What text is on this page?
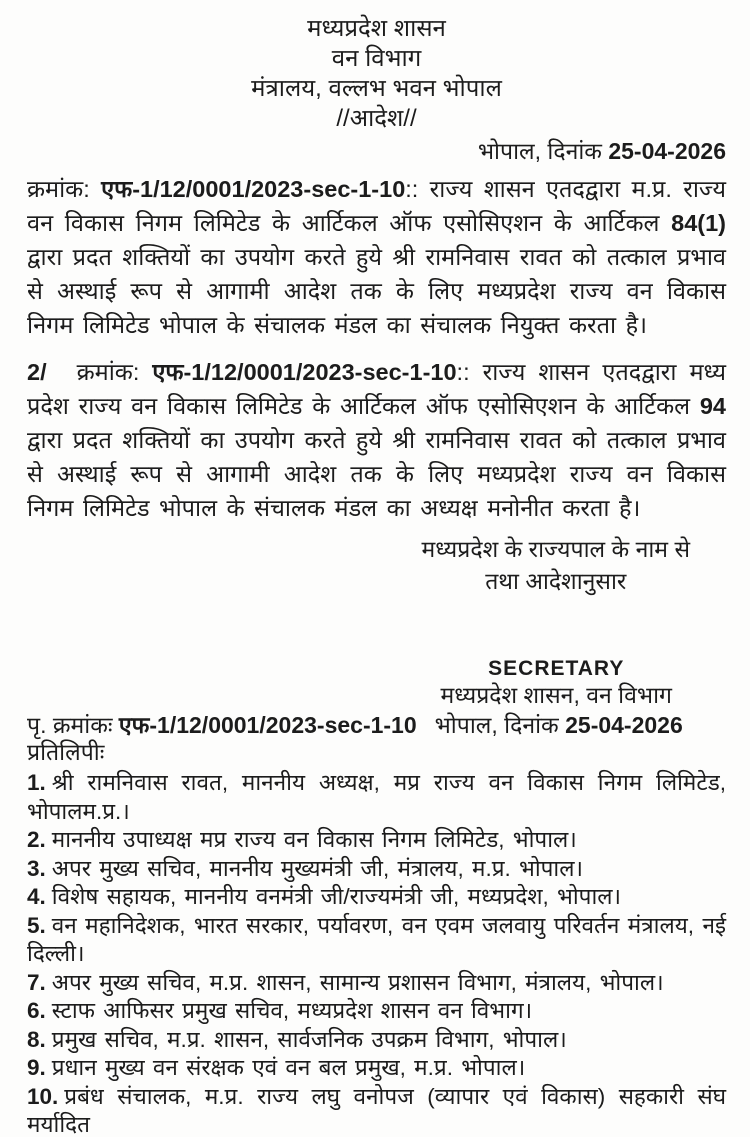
मध्यप्रदेश शासन
वन विभाग
मंत्रालय, वल्लभ भवन भोपाल
//आदेश//
भोपाल, दिनांक 25-04-2026

क्रमांक: एफ-1/12/0001/2023-sec-1-10:: राज्य शासन एतदद्वारा म.प्र. राज्य वन विकास निगम लिमिटेड के आर्टिकल ऑफ एसोसिएशन के आर्टिकल 84(1) द्वारा प्रदत शक्तियों का उपयोग करते हुये श्री रामनिवास रावत को तत्काल प्रभाव से अस्थाई रूप से आगामी आदेश तक के लिए मध्यप्रदेश राज्य वन विकास निगम लिमिटेड भोपाल के संचालक मंडल का संचालक नियुक्त करता है।

2/ क्रमांक: एफ-1/12/0001/2023-sec-1-10:: राज्य शासन एतदद्वारा मध्य प्रदेश राज्य वन विकास लिमिटेड के आर्टिकल ऑफ एसोसिएशन के आर्टिकल 94 द्वारा प्रदत शक्तियों का उपयोग करते हुये श्री रामनिवास रावत को तत्काल प्रभाव से अस्थाई रूप से आगामी आदेश तक के लिए मध्यप्रदेश राज्य वन विकास निगम लिमिटेड भोपाल के संचालक मंडल का अध्यक्ष मनोनीत करता है।

मध्यप्रदेश के राज्यपाल के नाम से
तथा आदेशानुसार
SECRETARY
मध्यप्रदेश शासन, वन विभाग
पृ. क्रमांकः एफ-1/12/0001/2023-sec-1-10 भोपाल, दिनांक 25-04-2026
प्रतिलिपीः

1. श्री रामनिवास रावत, माननीय अध्यक्ष, मप्र राज्य वन विकास निगम लिमिटेड, भोपालम.प्र.।

2. माननीय उपाध्यक्ष मप्र राज्य वन विकास निगम लिमिटेड, भोपाल।

3. अपर मुख्य सचिव, माननीय मुख्यमंत्री जी, मंत्रालय, म.प्र. भोपाल।

4. विशेष सहायक, माननीय वनमंत्री जी/राज्यमंत्री जी, मध्यप्रदेश, भोपाल।

5. वन महानिदेशक, भारत सरकार, पर्यावरण, वन एवम जलवायु परिवर्तन मंत्रालय, नई दिल्ली।

7. अपर मुख्य सचिव, म.प्र. शासन, सामान्य प्रशासन विभाग, मंत्रालय, भोपाल।

6. स्टाफ आफिसर प्रमुख सचिव, मध्यप्रदेश शासन वन विभाग।

8. प्रमुख सचिव, म.प्र. शासन, सार्वजनिक उपक्रम विभाग, भोपाल।

9. प्रधान मुख्य वन संरक्षक एवं वन बल प्रमुख, म.प्र. भोपाल।

10. प्रबंध संचालक, म.प्र. राज्य लघु वनोपज (व्यापार एवं विकास) सहकारी संघ मर्यादित
